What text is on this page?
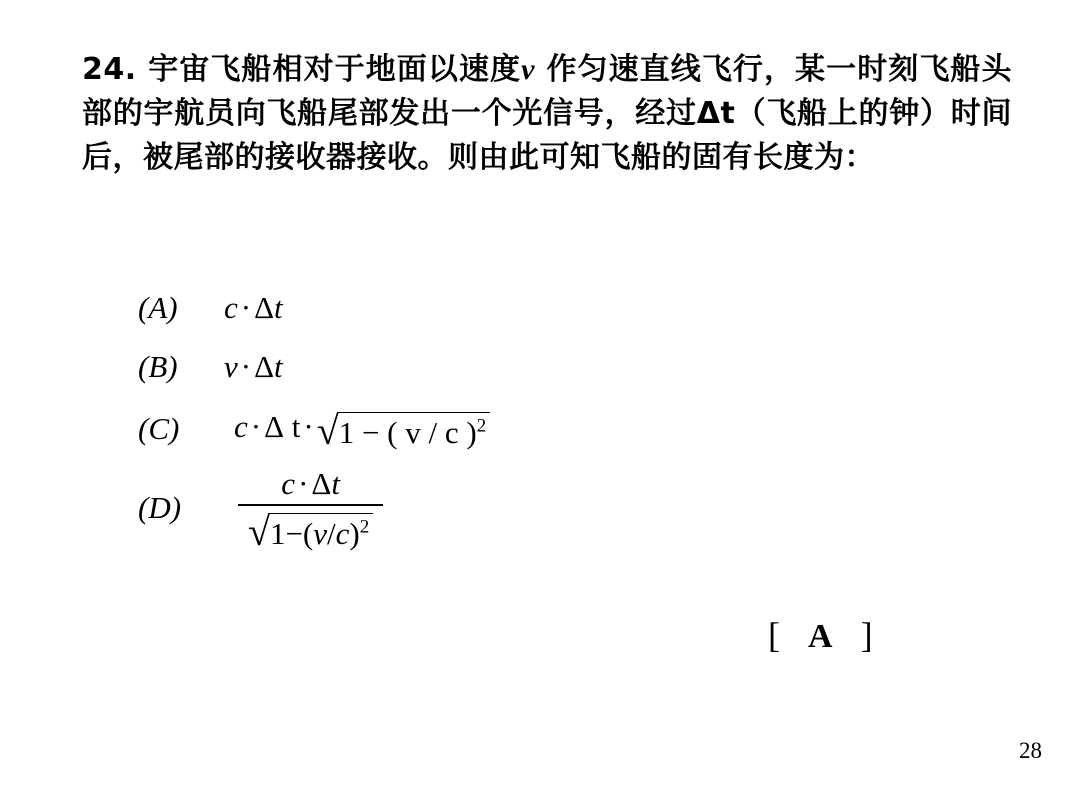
24. 宇宙飞船相对于地面以速度v 作匀速直线飞行，某一时刻飞船头部的宇航员向飞船尾部发出一个光信号，经过Δt（飞船上的钟）时间后，被尾部的接收器接收。则由此可知飞船的固有长度为：
(A)	c·Δt
(B)	v·Δt
(C)	c·Δ t· √ 1 − ( v / c )$^2$
(D)	$\frac{c\cdot\Delta t}{√ 1-(v/c)^2}$
[ A ]
28
